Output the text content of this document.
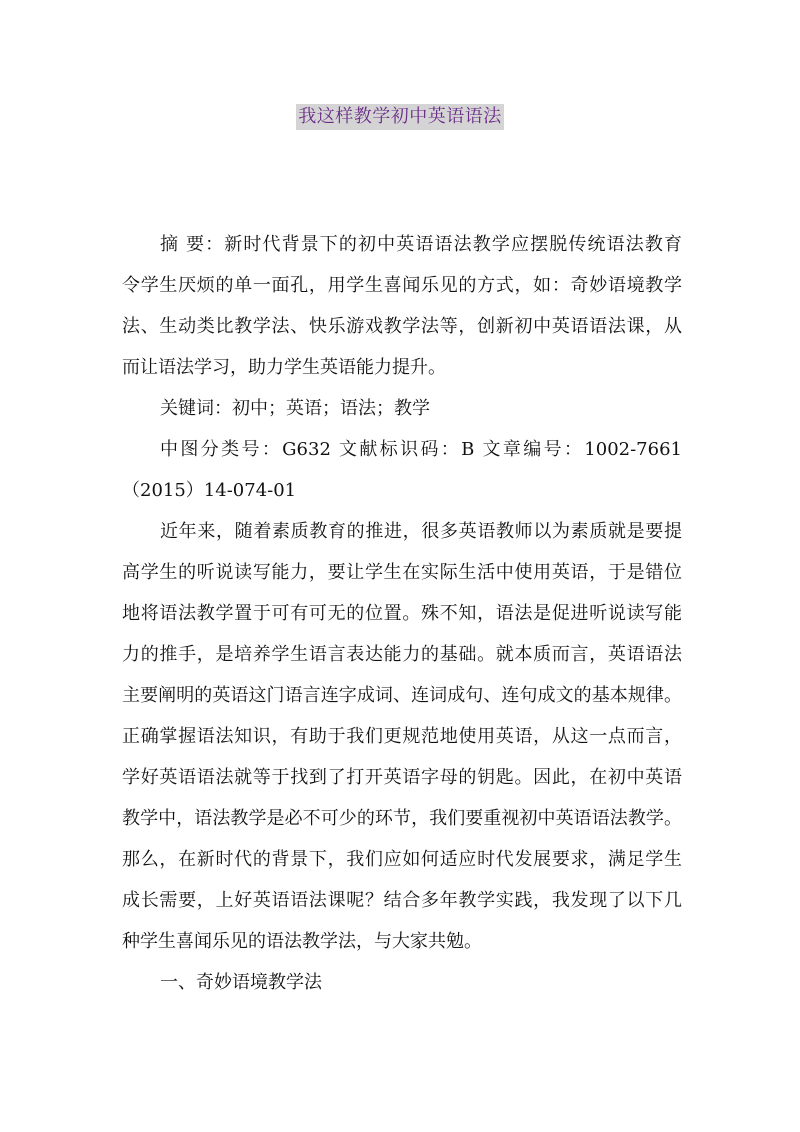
我这样教学初中英语语法
摘 要：新时代背景下的初中英语语法教学应摆脱传统语法教育
令学生厌烦的单一面孔，用学生喜闻乐见的方式，如：奇妙语境教学
法、生动类比教学法、快乐游戏教学法等，创新初中英语语法课，从
而让语法学习，助力学生英语能力提升。
关键词：初中；英语；语法；教学
中图分类号：G632 文献标识码：B 文章编号：1002-7661
（2015）14-074-01
近年来，随着素质教育的推进，很多英语教师以为素质就是要提
高学生的听说读写能力，要让学生在实际生活中使用英语，于是错位
地将语法教学置于可有可无的位置。殊不知，语法是促进听说读写能
力的推手，是培养学生语言表达能力的基础。就本质而言，英语语法
主要阐明的英语这门语言连字成词、连词成句、连句成文的基本规律。
正确掌握语法知识，有助于我们更规范地使用英语，从这一点而言，
学好英语语法就等于找到了打开英语字母的钥匙。因此，在初中英语
教学中，语法教学是必不可少的环节，我们要重视初中英语语法教学。
那么，在新时代的背景下，我们应如何适应时代发展要求，满足学生
成长需要，上好英语语法课呢？结合多年教学实践，我发现了以下几
种学生喜闻乐见的语法教学法，与大家共勉。
一、奇妙语境教学法
